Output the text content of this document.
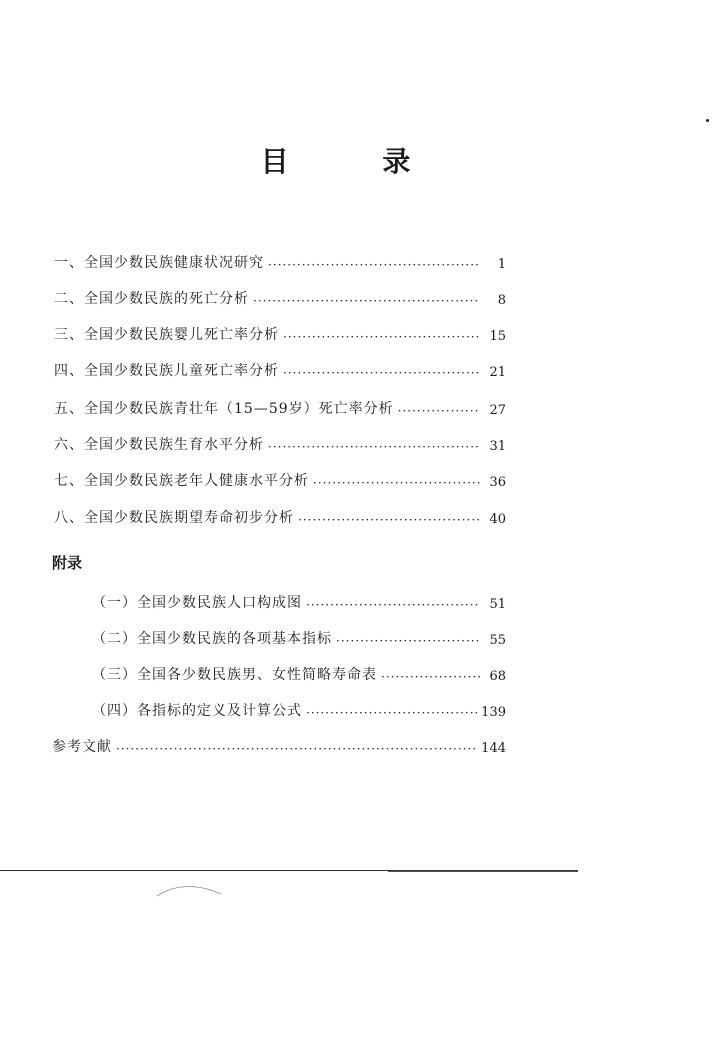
目 录
一、全国少数民族健康状况研究 ·····	1
二、全国少数民族的死亡分析 ·····	8
三、全国少数民族婴儿死亡率分析 ·····	15
四、全国少数民族儿童死亡率分析 ·····	21
五、全国少数民族青壮年（15—59岁）死亡率分析 ·····	27
六、全国少数民族生育水平分析 ·····	31
七、全国少数民族老年人健康水平分析 ·····	36
八、全国少数民族期望寿命初步分析 ·····	40
附录
（一）全国少数民族人口构成图 ·····	51
（二）全国少数民族的各项基本指标 ·····	55
（三）全国各少数民族男、女性简略寿命表 ·····	68
（四）各指标的定义及计算公式 ·····	139
参考文献 ·····	144
